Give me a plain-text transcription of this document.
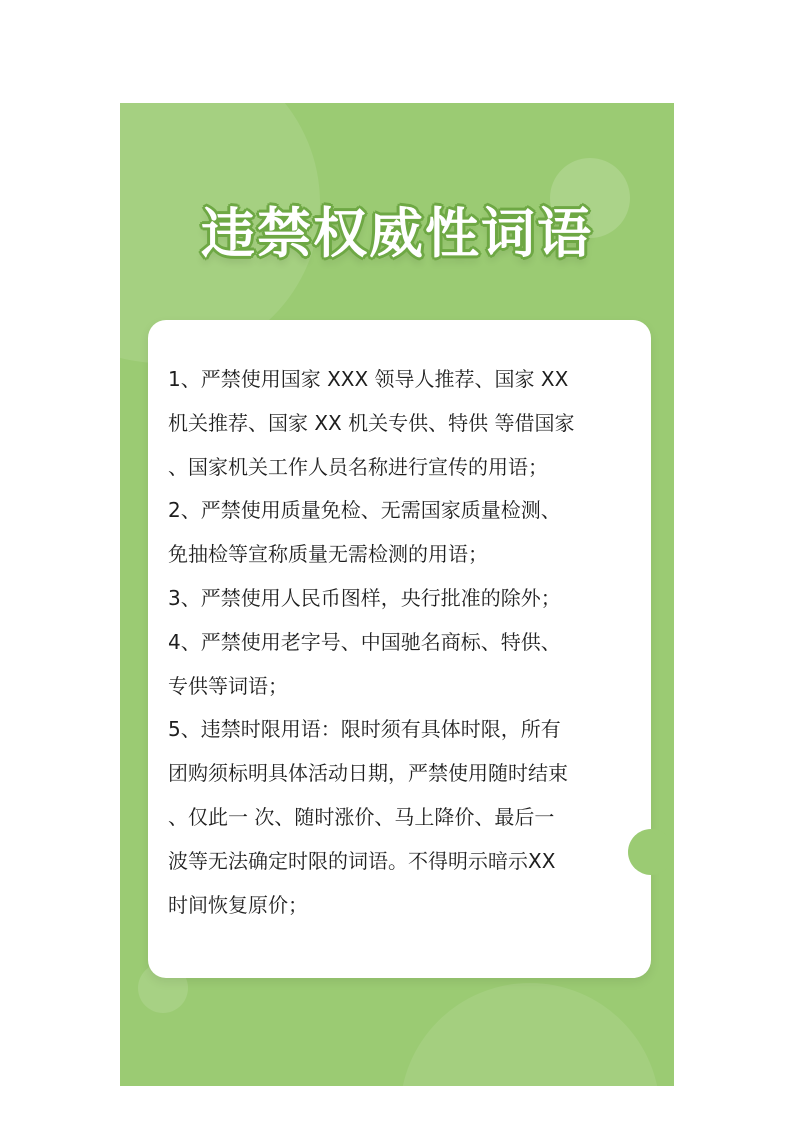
违禁权威性词语
1、严禁使用国家 XXX 领导人推荐、国家 XX
机关推荐、国家 XX 机关专供、特供 等借国家
、国家机关工作人员名称进行宣传的用语；
2、严禁使用质量免检、无需国家质量检测、
免抽检等宣称质量无需检测的用语；
3、严禁使用人民币图样，央行批准的除外；
4、严禁使用老字号、中国驰名商标、特供、
专供等词语；
5、违禁时限用语：限时须有具体时限，所有
团购须标明具体活动日期，严禁使用随时结束
、仅此一 次、随时涨价、马上降价、最后一
波等无法确定时限的词语。不得明示暗示XX
时间恢复原价；
